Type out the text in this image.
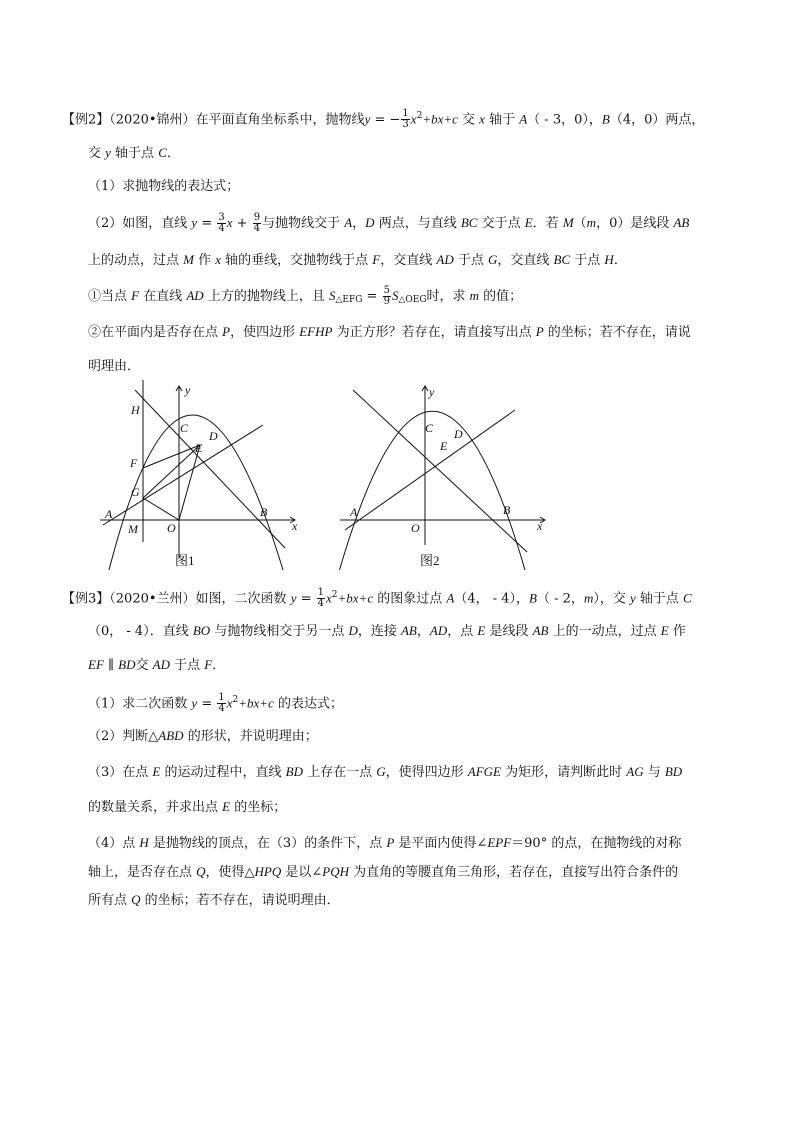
【例2】（2020•锦州）在平面直角坐标系中，抛物线y = − $\frac{1}{3} x^2+bx+c$ 交 x 轴于 A（ - 3，0），B（4，0）两点，
交 y 轴于点 C．
（1）求抛物线的表达式；
（2）如图，直线 $y = \frac{3}{4}$ $x + \frac{9}{4}$ 与抛物线交于 A，D 两点，与直线 BC 交于点 E．若 M（m，0）是线段 AB
上的动点，过点 M 作 x 轴的垂线，交抛物线于点 F，交直线 AD 于点 G，交直线 BC 于点 H．
①当点 F 在直线 AD 上方的抛物线上，且 $S_{\triangle EFG} = \frac{5}{9} S_{\triangle OEG}$时，求 m 的值；
②在平面内是否存在点 P，使四边形 EFHP 为正方形？若存在，请直接写出点 P 的坐标；若不存在，请说
明理由．
y
x
H
C
D
E
F
G
A
M O
B
图1
y
x
C D
E
A
O
B
图2
【例3】（2020•兰州）如图，二次函数 $y = \frac{1}{4} x^2+bx+c$ 的图象过点 A（4， - 4），B（ - 2，m），交 y 轴于点 C
（0， - 4）．直线 BO 与抛物线相交于另一点 D，连接 AB，AD，点 E 是线段 AB 上的一动点，过点 E 作
EF ∥ BD交 AD 于点 F．
（1）求二次函数 $y = \frac{1}{4} x^2+bx+c$ 的表达式；
（2）判断△ABD 的形状，并说明理由；
（3）在点 E 的运动过程中，直线 BD 上存在一点 G，使得四边形 AFGE 为矩形，请判断此时 AG 与 BD
的数量关系，并求出点 E 的坐标；
（4）点 H 是抛物线的顶点，在（3）的条件下，点 P 是平面内使得∠EPF＝90° 的点，在抛物线的对称
轴上，是否存在点 Q，使得△HPQ 是以∠PQH 为直角的等腰直角三角形，若存在，直接写出符合条件的
所有点 Q 的坐标；若不存在，请说明理由．
